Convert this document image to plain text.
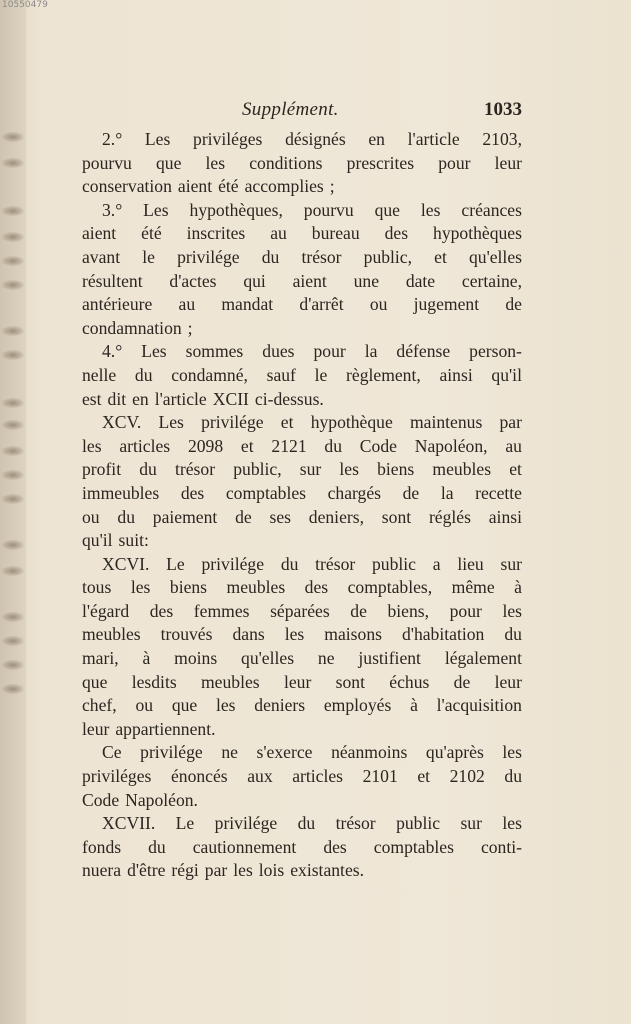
10550479
Supplément.	1033
2.° Les priviléges désignés en l'article 2103,
pourvu que les conditions prescrites pour leur
conservation aient été accomplies ;
3.° Les hypothèques, pourvu que les créances
aient été inscrites au bureau des hypothèques
avant le privilége du trésor public, et qu'elles
résultent d'actes qui aient une date certaine,
antérieure au mandat d'arrêt ou jugement de
condamnation ;
4.° Les sommes dues pour la défense person-
nelle du condamné, sauf le règlement, ainsi qu'il
est dit en l'article XCII ci-dessus.
XCV. Les privilége et hypothèque maintenus par
les articles 2098 et 2121 du Code Napoléon, au
profit du trésor public, sur les biens meubles et
immeubles des comptables chargés de la recette
ou du paiement de ses deniers, sont réglés ainsi
qu'il suit:
XCVI. Le privilége du trésor public a lieu sur
tous les biens meubles des comptables, même à
l'égard des femmes séparées de biens, pour les
meubles trouvés dans les maisons d'habitation du
mari, à moins qu'elles ne justifient légalement
que lesdits meubles leur sont échus de leur
chef, ou que les deniers employés à l'acquisition
leur appartiennent.
Ce privilége ne s'exerce néanmoins qu'après les
priviléges énoncés aux articles 2101 et 2102 du
Code Napoléon.
XCVII. Le privilége du trésor public sur les
fonds du cautionnement des comptables conti-
nuera d'être régi par les lois existantes.
